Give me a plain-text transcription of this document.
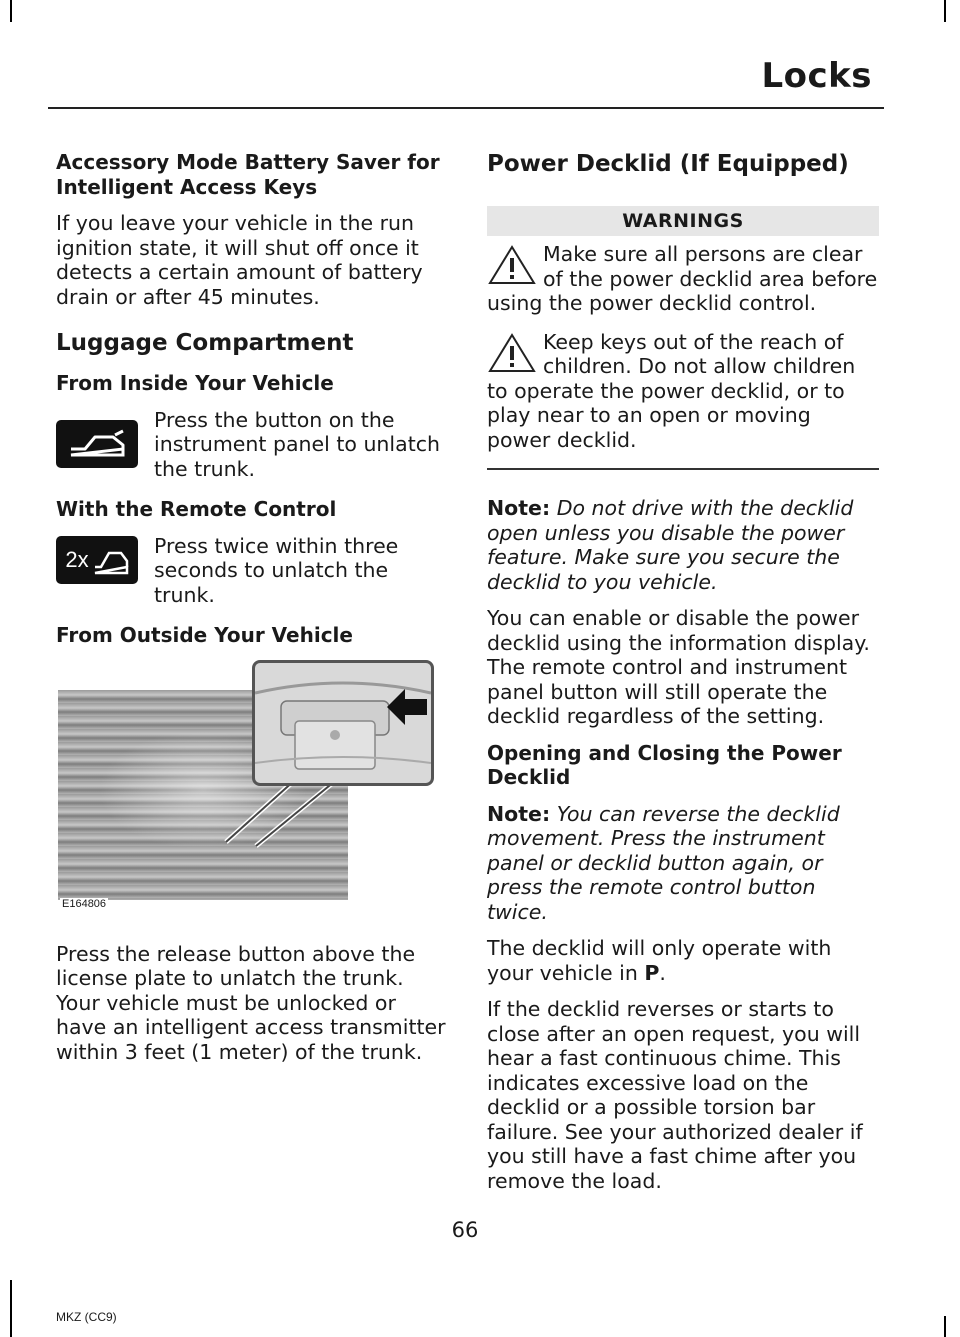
Locks
Accessory Mode Battery Saver for Intelligent Access Keys

If you leave your vehicle in the run ignition state, it will shut off once it detects a certain amount of battery drain or after 45 minutes.

Luggage Compartment
From Inside Your Vehicle

Press the button on the instrument panel to unlatch the trunk.

With the Remote Control
2x

Press twice within three seconds to unlatch the trunk.

From Outside Your Vehicle
E164806

Press the release button above the license plate to unlatch the trunk. Your vehicle must be unlocked or have an intelligent access transmitter within 3 feet (1 meter) of the trunk.

Power Decklid (If Equipped)
WARNINGS
Make sure all persons are clear of the power decklid area before using the power decklid control.
Keep keys out of the reach of children. Do not allow children to operate the power decklid, or to play near to an open or moving power decklid.

Note: Do not drive with the decklid open unless you disable the power feature. Make sure you secure the decklid to you vehicle.

You can enable or disable the power decklid using the information display. The remote control and instrument panel button will still operate the decklid regardless of the setting.

Opening and Closing the Power Decklid

Note: You can reverse the decklid movement. Press the instrument panel or decklid button again, or press the remote control button twice.

The decklid will only operate with your vehicle in P.

If the decklid reverses or starts to close after an open request, you will hear a fast continuous chime. This indicates excessive load on the decklid or a possible torsion bar failure. See your authorized dealer if you still have a fast chime after you remove the load.

66
MKZ (CC9)
